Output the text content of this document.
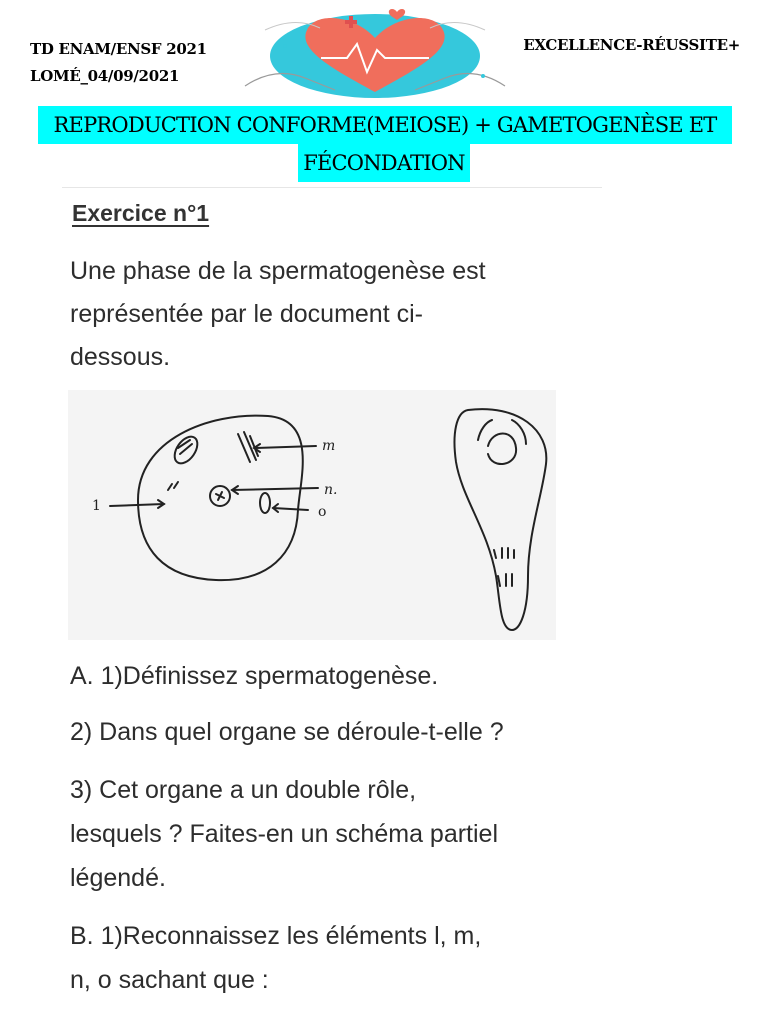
TD ENAM/ENSF 2021
LOMÉ_04/09/2021
EXCELLENCE-RÉUSSITE+
REPRODUCTION CONFORME(MEIOSE) + GAMETOGENÈSE ET
FÉCONDATION
Exercice n°1
Une phase de la spermatogenèse est
représentée par le document ci-
dessous.
1
m
n.
o
A. 1)Définissez spermatogenèse.
2) Dans quel organe se déroule-t-elle ?
3) Cet organe a un double rôle,
lesquels ? Faites-en un schéma partiel
légendé.
B. 1)Reconnaissez les éléments l, m,
n, o sachant que :
